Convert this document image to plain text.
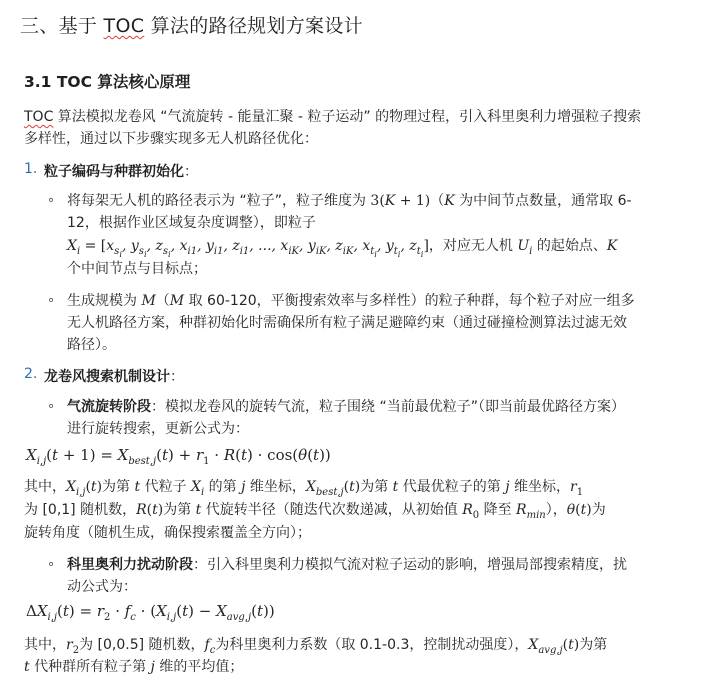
三、基于 TOC 算法的路径规划方案设计
3.1 TOC 算法核心原理
TOC 算法模拟龙卷风 “气流旋转 - 能量汇聚 - 粒子运动” 的物理过程，引入科里奥利力增强粒子搜索
多样性，通过以下步骤实现多无人机路径优化：
1. 粒子编码与种群初始化：
∘ 将每架无人机的路径表示为 “粒子”，粒子维度为 3(K + 1)（K 为中间节点数量，通常取 6-
12，根据作业区域复杂度调整），即粒子
$X_i = [x_{s_i}$, $y_{s_i}$, $z_{s_i}$, $x_{i1}$, $y_{i1}$, $z_{i1}$, ..., $x_{iK}$, $y_{iK}$, $z_{iK}$, $x_{t_i}$, $y_{t_i}$, $z_{t_i}$]，对应无人机 $U_i$ 的起始点、K
个中间节点与目标点；
∘ 生成规模为 M（M 取 60-120，平衡搜索效率与多样性）的粒子种群，每个粒子对应一组多
无人机路径方案，种群初始化时需确保所有粒子满足避障约束（通过碰撞检测算法过滤无效
路径）。
2. 龙卷风搜索机制设计：
∘ 气流旋转阶段：模拟龙卷风的旋转气流，粒子围绕 “当前最优粒子”（即当前最优路径方案）
进行旋转搜索，更新公式为：
$X_{i,j}(t + 1) = X_{best,j}(t) + r_1 \cdot R(t) \cdot \cos(\theta(t))$
其中，$X_{i,j}(t)$为第 t 代粒子 $X_i$ 的第 j 维坐标，$X_{best,j}(t)$为第 t 代最优粒子的第 j 维坐标，$r_1$
为 [0,1] 随机数，R(t)为第 t 代旋转半径（随迭代次数递减，从初始值 $R_0$ 降至 $R_{min}$），θ(t)为
旋转角度（随机生成，确保搜索覆盖全方向）；
∘ 科里奥利力扰动阶段：引入科里奥利力模拟气流对粒子运动的影响，增强局部搜索精度，扰
动公式为：
$\Delta X_{i,j}(t) = r_2 \cdot f_c \cdot (X_{i,j}(t) - X_{avg,j}(t))$
其中，$r_2$为 [0,0.5] 随机数，$f_c$为科里奥利力系数（取 0.1-0.3，控制扰动强度），$X_{avg,j}(t)$为第
t 代种群所有粒子第 j 维的平均值；
